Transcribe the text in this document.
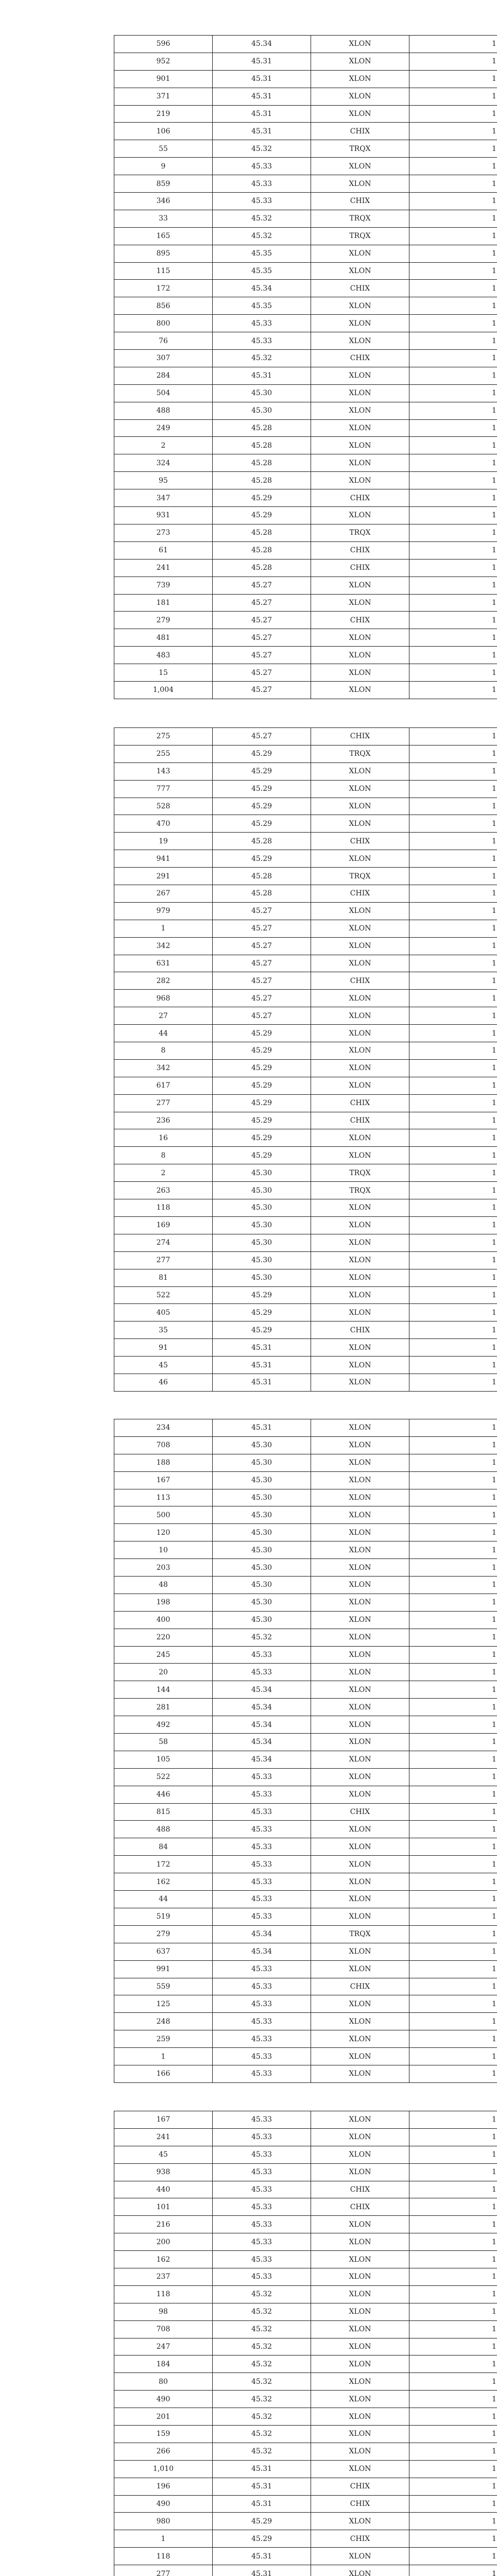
596	45.34	XLON	1
952	45.31	XLON	1
901	45.31	XLON	1
371	45.31	XLON	1
219	45.31	XLON	1
106	45.31	CHIX	1
55	45.32	TRQX	1
9	45.33	XLON	1
859	45.33	XLON	1
346	45.33	CHIX	1
33	45.32	TRQX	1
165	45.32	TRQX	1
895	45.35	XLON	1
115	45.35	XLON	1
172	45.34	CHIX	1
856	45.35	XLON	1
800	45.33	XLON	1
76	45.33	XLON	1
307	45.32	CHIX	1
284	45.31	XLON	1
504	45.30	XLON	1
488	45.30	XLON	1
249	45.28	XLON	1
2	45.28	XLON	1
324	45.28	XLON	1
95	45.28	XLON	1
347	45.29	CHIX	1
931	45.29	XLON	1
273	45.28	TRQX	1
61	45.28	CHIX	1
241	45.28	CHIX	1
739	45.27	XLON	1
181	45.27	XLON	1
279	45.27	CHIX	1
481	45.27	XLON	1
483	45.27	XLON	1
15	45.27	XLON	1
1,004	45.27	XLON	1
275	45.27	CHIX	1
255	45.29	TRQX	1
143	45.29	XLON	1
777	45.29	XLON	1
528	45.29	XLON	1
470	45.29	XLON	1
19	45.28	CHIX	1
941	45.29	XLON	1
291	45.28	TRQX	1
267	45.28	CHIX	1
979	45.27	XLON	1
1	45.27	XLON	1
342	45.27	XLON	1
631	45.27	XLON	1
282	45.27	CHIX	1
968	45.27	XLON	1
27	45.27	XLON	1
44	45.29	XLON	1
8	45.29	XLON	1
342	45.29	XLON	1
617	45.29	XLON	1
277	45.29	CHIX	1
236	45.29	CHIX	1
16	45.29	XLON	1
8	45.29	XLON	1
2	45.30	TRQX	1
263	45.30	TRQX	1
118	45.30	XLON	1
169	45.30	XLON	1
274	45.30	XLON	1
277	45.30	XLON	1
81	45.30	XLON	1
522	45.29	XLON	1
405	45.29	XLON	1
35	45.29	CHIX	1
91	45.31	XLON	1
45	45.31	XLON	1
46	45.31	XLON	1
234	45.31	XLON	1
708	45.30	XLON	1
188	45.30	XLON	1
167	45.30	XLON	1
113	45.30	XLON	1
500	45.30	XLON	1
120	45.30	XLON	1
10	45.30	XLON	1
203	45.30	XLON	1
48	45.30	XLON	1
198	45.30	XLON	1
400	45.30	XLON	1
220	45.32	XLON	1
245	45.33	XLON	1
20	45.33	XLON	1
144	45.34	XLON	1
281	45.34	XLON	1
492	45.34	XLON	1
58	45.34	XLON	1
105	45.34	XLON	1
522	45.33	XLON	1
446	45.33	XLON	1
815	45.33	CHIX	1
488	45.33	XLON	1
84	45.33	XLON	1
172	45.33	XLON	1
162	45.33	XLON	1
44	45.33	XLON	1
519	45.33	XLON	1
279	45.34	TRQX	1
637	45.34	XLON	1
991	45.33	XLON	1
559	45.33	CHIX	1
125	45.33	XLON	1
248	45.33	XLON	1
259	45.33	XLON	1
1	45.33	XLON	1
166	45.33	XLON	1
167	45.33	XLON	1
241	45.33	XLON	1
45	45.33	XLON	1
938	45.33	XLON	1
440	45.33	CHIX	1
101	45.33	CHIX	1
216	45.33	XLON	1
200	45.33	XLON	1
162	45.33	XLON	1
237	45.33	XLON	1
118	45.32	XLON	1
98	45.32	XLON	1
708	45.32	XLON	1
247	45.32	XLON	1
184	45.32	XLON	1
80	45.32	XLON	1
490	45.32	XLON	1
201	45.32	XLON	1
159	45.32	XLON	1
266	45.32	XLON	1
1,010	45.31	XLON	1
196	45.31	CHIX	1
490	45.31	CHIX	1
980	45.29	XLON	1
1	45.29	CHIX	1
118	45.31	XLON	1
277	45.31	XLON	1
